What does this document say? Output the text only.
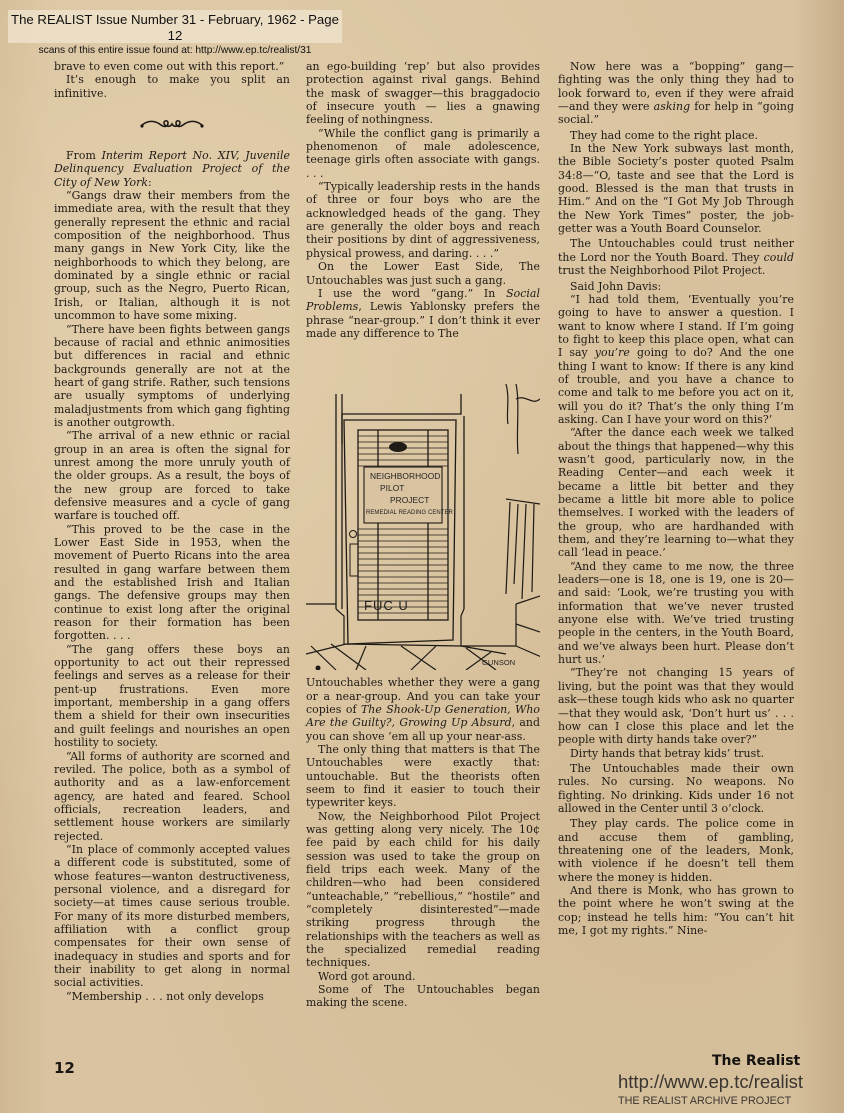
The REALIST Issue Number 31 - February, 1962 - Page 12
scans of this entire issue found at: http://www.ep.tc/realist/31

brave to even come out with this report.”

It’s enough to make you split an infinitive.

From Interim Report No. XIV, Juvenile Delinquency Evaluation Project of the City of New York:

“Gangs draw their members from the immediate area, with the result that they generally represent the ethnic and racial composition of the neighborhood. Thus many gangs in New York City, like the neighborhoods to which they belong, are dominated by a single ethnic or racial group, such as the Negro, Puerto Rican, Irish, or Italian, although it is not uncommon to have some mixing.

“There have been fights between gangs because of racial and ethnic animosities but differences in racial and ethnic backgrounds generally are not at the heart of gang strife. Rather, such tensions are usually symptoms of underlying maladjustments from which gang fighting is another outgrowth.

“The arrival of a new ethnic or racial group in an area is often the signal for unrest among the more unruly youth of the older groups. As a result, the boys of the new group are forced to take defensive measures and a cycle of gang warfare is touched off.

“This proved to be the case in the Lower East Side in 1953, when the movement of Puerto Ricans into the area resulted in gang warfare between them and the established Irish and Italian gangs. The defensive groups may then continue to exist long after the original reason for their formation has been forgotten. . . .

“The gang offers these boys an opportunity to act out their repressed feelings and serves as a release for their pent-up frustrations. Even more important, membership in a gang offers them a shield for their own insecurities and guilt feelings and nourishes an open hostility to society.

“All forms of authority are scorned and reviled. The police, both as a symbol of authority and as a law-enforcement agency, are hated and feared. School officials, recreation leaders, and settlement house workers are similarly rejected.

“In place of commonly accepted values a different code is substituted, some of whose features—wanton destructiveness, personal violence, and a disregard for society—at times cause serious trouble. For many of its more disturbed members, affiliation with a conflict group compensates for their own sense of inadequacy in studies and sports and for their inability to get along in normal social activities.

“Membership . . . not only develops

an ego-building ‘rep’ but also provides protection against rival gangs. Behind the mask of swagger—this braggadocio of insecure youth — lies a gnawing feeling of nothingness.

“While the conflict gang is primarily a phenomenon of male adolescence, teenage girls often associate with gangs. . . .

“Typically leadership rests in the hands of three or four boys who are the acknowledged heads of the gang. They are generally the older boys and reach their positions by dint of aggressiveness, physical prowess, and daring. . . .”

On the Lower East Side, The Untouchables was just such a gang.

I use the word “gang.” In Social Problems, Lewis Yablonsky prefers the phrase “near-group.” I don’t think it ever made any difference to The

NEIGHBORHOOD
PILOT
PROJECT
REMEDIAL READING CENTER
FUC U
GUNSON

Untouchables whether they were a gang or a near-group. And you can take your copies of The Shook-Up Generation, Who Are the Guilty?, Growing Up Absurd, and you can shove ’em all up your near-ass.

The only thing that matters is that The Untouchables were exactly that: untouchable. But the theorists often seem to find it easier to touch their typewriter keys.

Now, the Neighborhood Pilot Project was getting along very nicely. The 10¢ fee paid by each child for his daily session was used to take the group on field trips each week. Many of the children—who had been considered “unteachable,” “rebellious,” “hostile” and “completely disinterested”—made striking progress through the relationships with the teachers as well as the specialized remedial reading techniques.

Word got around.

Some of The Untouchables began making the scene.

Now here was a “bopping” gang—fighting was the only thing they had to look forward to, even if they were afraid—and they were asking for help in “going social.”

They had come to the right place.

In the New York subways last month, the Bible Society’s poster quoted Psalm 34:8—“O, taste and see that the Lord is good. Blessed is the man that trusts in Him.” And on the “I Got My Job Through the New York Times” poster, the job-getter was a Youth Board Counselor.

The Untouchables could trust neither the Lord nor the Youth Board. They could trust the Neighborhood Pilot Project.

Said John Davis:

“I had told them, ‘Eventually you’re going to have to answer a question. I want to know where I stand. If I’m going to fight to keep this place open, what can I say you’re going to do? And the one thing I want to know: If there is any kind of trouble, and you have a chance to come and talk to me before you act on it, will you do it? That’s the only thing I’m asking. Can I have your word on this?’

“After the dance each week we talked about the things that happened—why this wasn’t good, particularly now, in the Reading Center—and each week it became a little bit better and they became a little bit more able to police themselves. I worked with the leaders of the group, who are hardhanded with them, and they’re learning to—what they call ‘lead in peace.’

“And they came to me now, the three leaders—one is 18, one is 19, one is 20—and said: ‘Look, we’re trusting you with information that we’ve never trusted anyone else with. We’ve tried trusting people in the centers, in the Youth Board, and we’ve always been hurt. Please don’t hurt us.’

“They’re not changing 15 years of living, but the point was that they would ask—these tough kids who ask no quarter—that they would ask, ‘Don’t hurt us’ . . . how can I close this place and let the people with dirty hands take over?”

Dirty hands that betray kids’ trust.

The Untouchables made their own rules. No cursing. No weapons. No fighting. No drinking. Kids under 16 not allowed in the Center until 3 o’clock.

They play cards. The police come in and accuse them of gambling, threatening one of the leaders, Monk, with violence if he doesn’t tell them where the money is hidden.

And there is Monk, who has grown to the point where he won’t swing at the cop; instead he tells him: “You can’t hit me, I got my rights.” Nine-

12	The Realist
http://www.ep.tc/realist
THE REALIST ARCHIVE PROJECT
